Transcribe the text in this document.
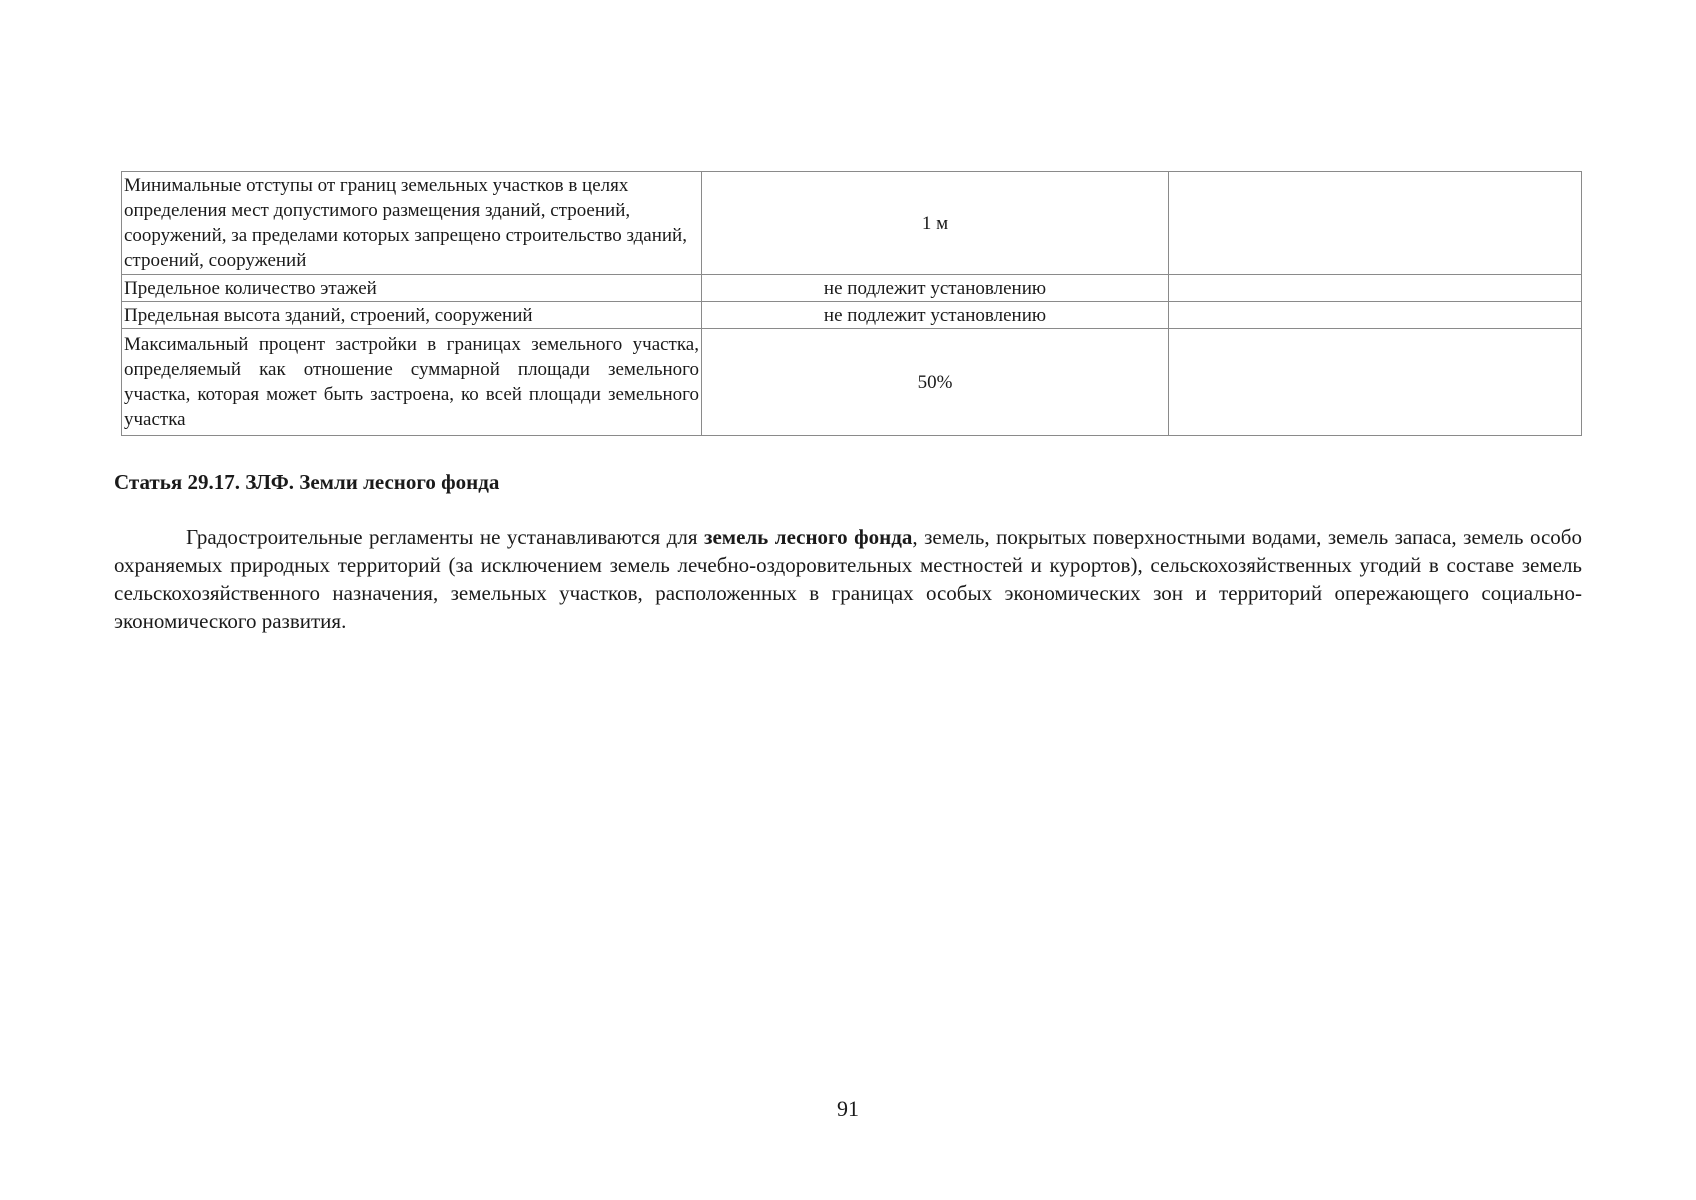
Минимальные отступы от границ земельных участков в целях определения мест допустимого размещения зданий, строений, сооружений, за пределами которых запрещено строительство зданий, строений, сооружений	1 м	
Предельное количество этажей	не подлежит установлению	
Предельная высота зданий, строений, сооружений	не подлежит установлению	
Максимальный процент застройки в границах земельного участка, определяемый как отношение суммарной площади земельного участка, которая может быть застроена, ко всей площади земельного участка	50%	
Статья 29.17. ЗЛФ. Земли лесного фонда

Градостроительные регламенты не устанавливаются для земель лесного фонда, земель, покрытых поверхностными водами, земель запаса, земель особо охраняемых природных территорий (за исключением земель лечебно-оздоровительных местностей и курортов), сельскохозяйственных угодий в составе земель сельскохозяйственного назначения, земельных участков, расположенных в границах особых экономических зон и территорий опережающего социально-экономического развития.

91
